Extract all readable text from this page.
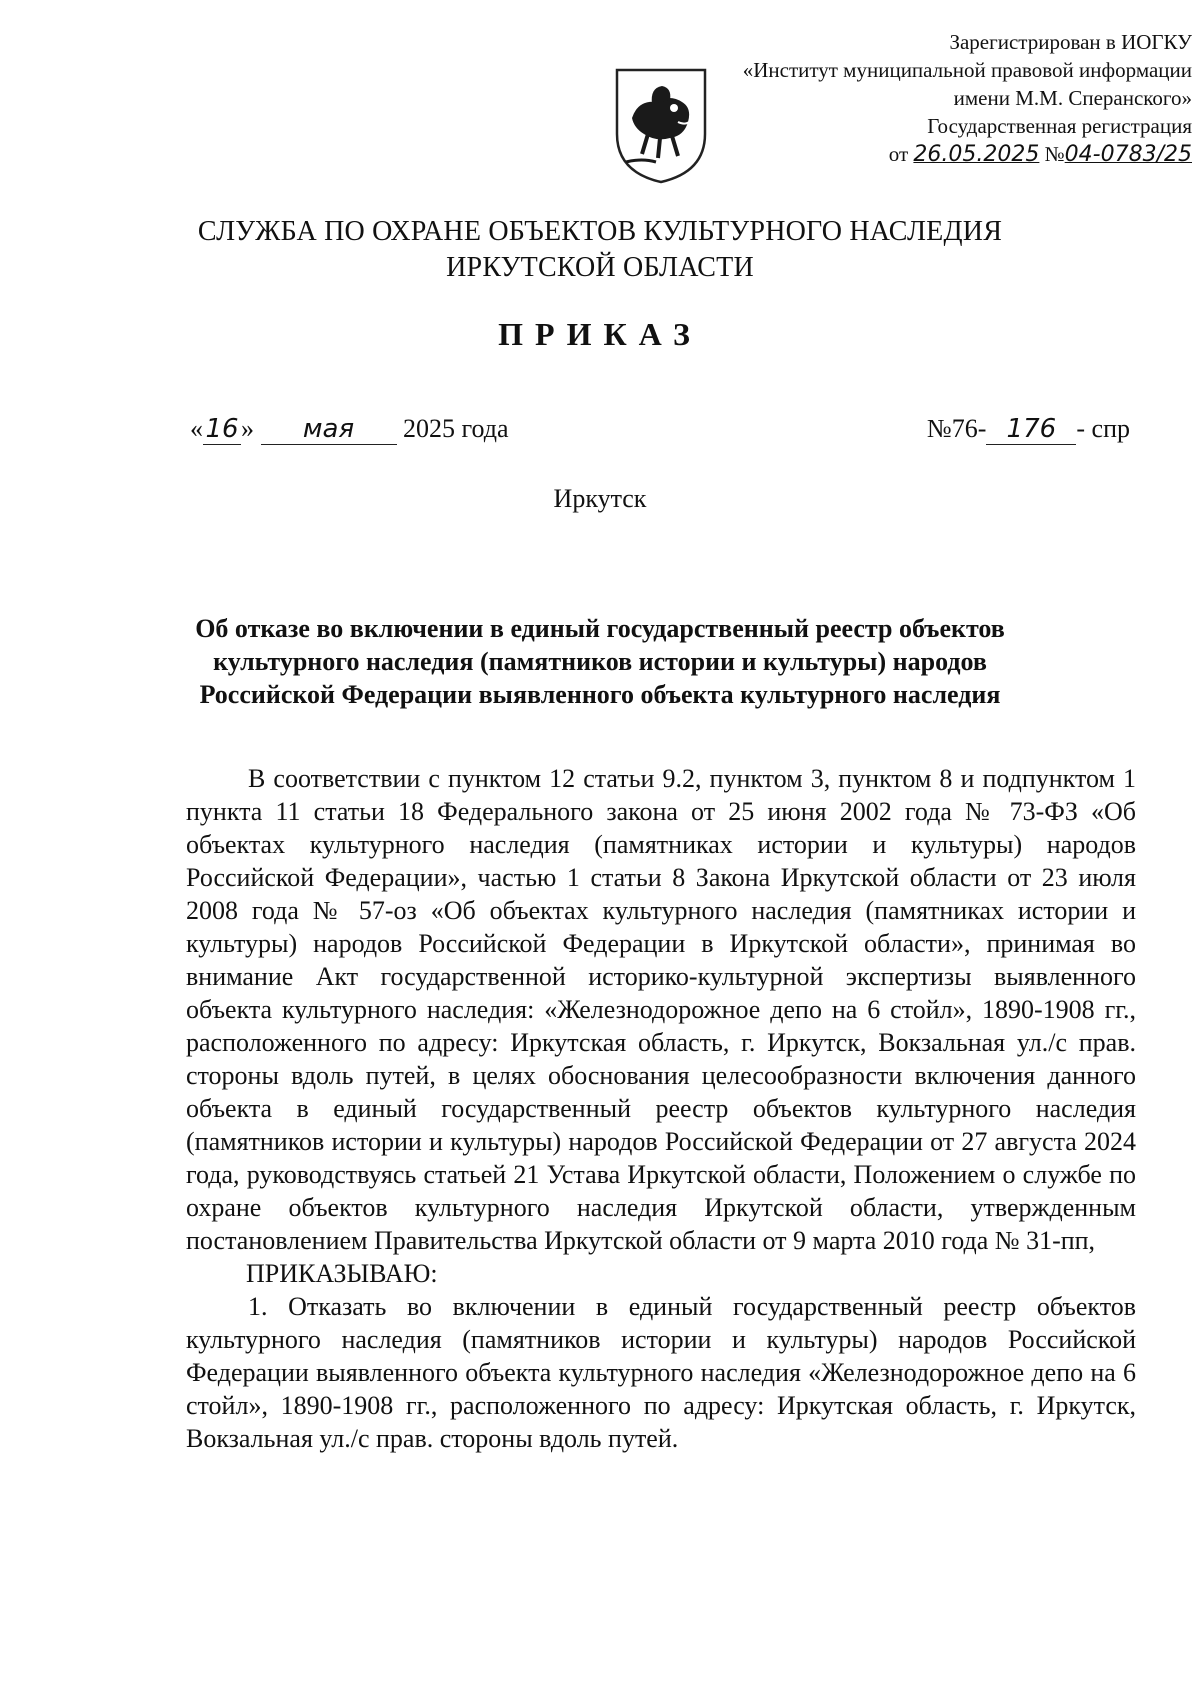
Зарегистрирован в ИОГКУ
«Институт муниципальной правовой информации
имени М.М. Сперанского»
Государственная регистрация
от 26.05.2025 №04-0783/25
СЛУЖБА ПО ОХРАНЕ ОБЪЕКТОВ КУЛЬТУРНОГО НАСЛЕДИЯ
ИРКУТСКОЙ ОБЛАСТИ
ПРИКАЗ
«16» мая 2025 года	№76- 176 - спр
Иркутск
Об отказе во включении в единый государственный реестр объектов культурного наследия (памятников истории и культуры) народов Российской Федерации выявленного объекта культурного наследия

В соответствии с пунктом 12 статьи 9.2, пунктом 3, пунктом 8 и подпунктом 1 пункта 11 статьи 18 Федерального закона от 25 июня 2002 года № 73-ФЗ «Об объектах культурного наследия (памятниках истории и культуры) народов Российской Федерации», частью 1 статьи 8 Закона Иркутской области от 23 июля 2008 года № 57-оз «Об объектах культурного наследия (памятниках истории и культуры) народов Российской Федерации в Иркутской области», принимая во внимание Акт государственной историко-культурной экспертизы выявленного объекта культурного наследия: «Железнодорожное депо на 6 стойл», 1890-1908 гг., расположенного по адресу: Иркутская область, г. Иркутск, Вокзальная ул./с прав. стороны вдоль путей, в целях обоснования целесообразности включения данного объекта в единый государственный реестр объектов культурного наследия (памятников истории и культуры) народов Российской Федерации от 27 августа 2024 года, руководствуясь статьей 21 Устава Иркутской области, Положением о службе по охране объектов культурного наследия Иркутской области, утвержденным постановлением Правительства Иркутской области от 9 марта 2010 года № 31-пп,

ПРИКАЗЫВАЮ:

1. Отказать во включении в единый государственный реестр объектов культурного наследия (памятников истории и культуры) народов Российской Федерации выявленного объекта культурного наследия «Железнодорожное депо на 6 стойл», 1890-1908 гг., расположенного по адресу: Иркутская область, г. Иркутск, Вокзальная ул./с прав. стороны вдоль путей.
